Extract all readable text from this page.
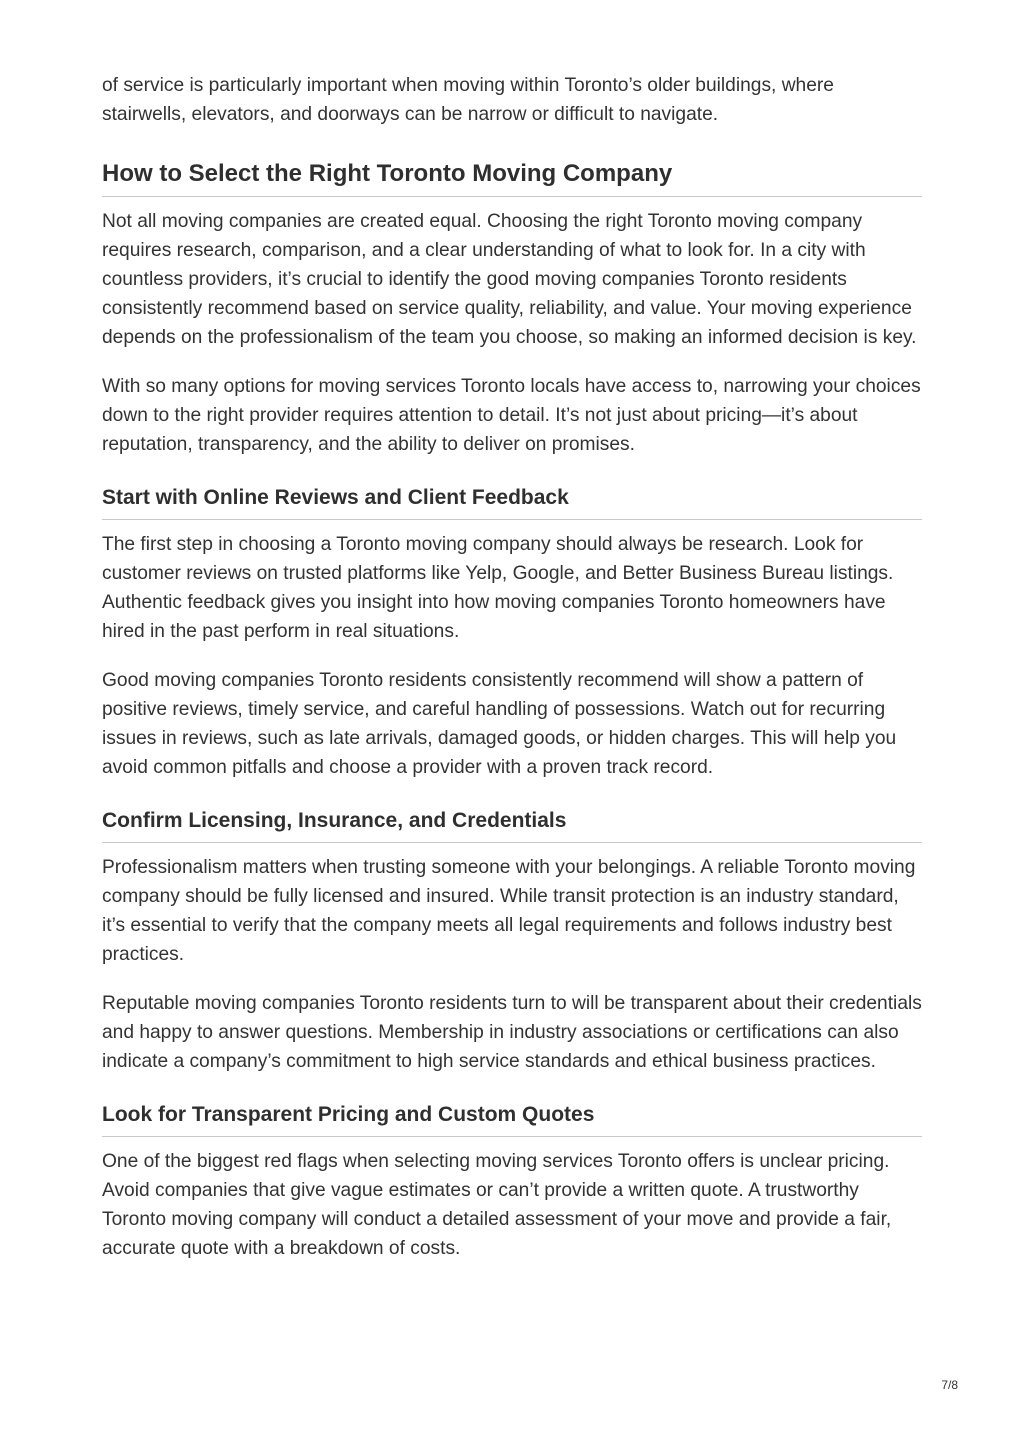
of service is particularly important when moving within Toronto’s older buildings, where stairwells, elevators, and doorways can be narrow or difficult to navigate.

How to Select the Right Toronto Moving Company

Not all moving companies are created equal. Choosing the right Toronto moving company requires research, comparison, and a clear understanding of what to look for. In a city with countless providers, it’s crucial to identify the good moving companies Toronto residents consistently recommend based on service quality, reliability, and value. Your moving experience depends on the professionalism of the team you choose, so making an informed decision is key.

With so many options for moving services Toronto locals have access to, narrowing your choices down to the right provider requires attention to detail. It’s not just about pricing—it’s about reputation, transparency, and the ability to deliver on promises.

Start with Online Reviews and Client Feedback

The first step in choosing a Toronto moving company should always be research. Look for customer reviews on trusted platforms like Yelp, Google, and Better Business Bureau listings. Authentic feedback gives you insight into how moving companies Toronto homeowners have hired in the past perform in real situations.

Good moving companies Toronto residents consistently recommend will show a pattern of positive reviews, timely service, and careful handling of possessions. Watch out for recurring issues in reviews, such as late arrivals, damaged goods, or hidden charges. This will help you avoid common pitfalls and choose a provider with a proven track record.

Confirm Licensing, Insurance, and Credentials

Professionalism matters when trusting someone with your belongings. A reliable Toronto moving company should be fully licensed and insured. While transit protection is an industry standard, it’s essential to verify that the company meets all legal requirements and follows industry best practices.

Reputable moving companies Toronto residents turn to will be transparent about their credentials and happy to answer questions. Membership in industry associations or certifications can also indicate a company’s commitment to high service standards and ethical business practices.

Look for Transparent Pricing and Custom Quotes

One of the biggest red flags when selecting moving services Toronto offers is unclear pricing. Avoid companies that give vague estimates or can’t provide a written quote. A trustworthy Toronto moving company will conduct a detailed assessment of your move and provide a fair, accurate quote with a breakdown of costs.

7/8
